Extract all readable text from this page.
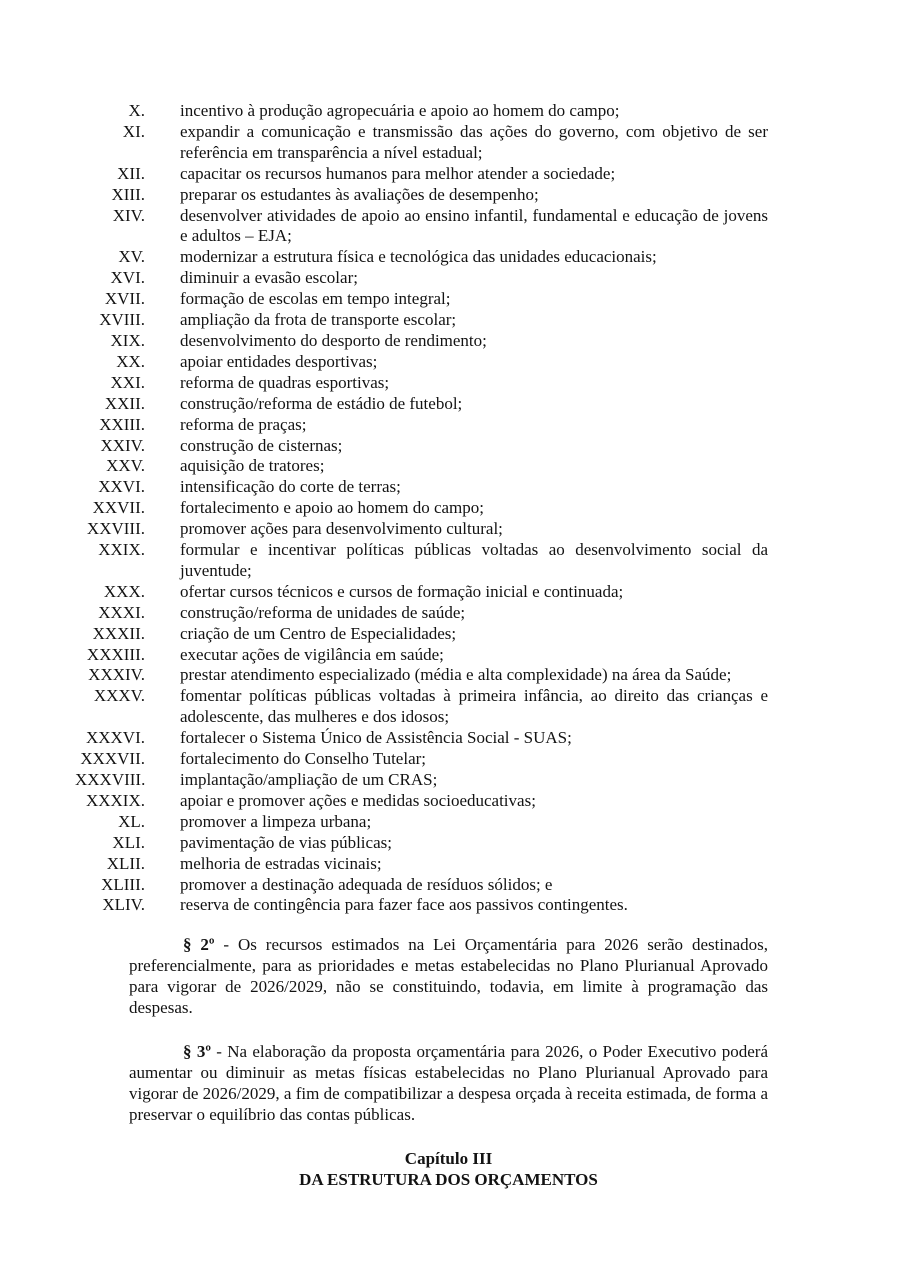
X. incentivo à produção agropecuária e apoio ao homem do campo;
XI. expandir a comunicação e transmissão das ações do governo, com objetivo de ser referência em transparência a nível estadual;
XII. capacitar os recursos humanos para melhor atender a sociedade;
XIII. preparar os estudantes às avaliações de desempenho;
XIV. desenvolver atividades de apoio ao ensino infantil, fundamental e educação de jovens e adultos – EJA;
XV. modernizar a estrutura física e tecnológica das unidades educacionais;
XVI. diminuir a evasão escolar;
XVII. formação de escolas em tempo integral;
XVIII. ampliação da frota de transporte escolar;
XIX. desenvolvimento do desporto de rendimento;
XX. apoiar entidades desportivas;
XXI. reforma de quadras esportivas;
XXII. construção/reforma de estádio de futebol;
XXIII. reforma de praças;
XXIV. construção de cisternas;
XXV. aquisição de tratores;
XXVI. intensificação do corte de terras;
XXVII. fortalecimento e apoio ao homem do campo;
XXVIII. promover ações para desenvolvimento cultural;
XXIX. formular e incentivar políticas públicas voltadas ao desenvolvimento social da juventude;
XXX. ofertar cursos técnicos e cursos de formação inicial e continuada;
XXXI. construção/reforma de unidades de saúde;
XXXII. criação de um Centro de Especialidades;
XXXIII. executar ações de vigilância em saúde;
XXXIV. prestar atendimento especializado (média e alta complexidade) na área da Saúde;
XXXV. fomentar políticas públicas voltadas à primeira infância, ao direito das crianças e adolescente, das mulheres e dos idosos;
XXXVI. fortalecer o Sistema Único de Assistência Social - SUAS;
XXXVII. fortalecimento do Conselho Tutelar;
XXXVIII. implantação/ampliação de um CRAS;
XXXIX. apoiar e promover ações e medidas socioeducativas;
XL. promover a limpeza urbana;
XLI. pavimentação de vias públicas;
XLII. melhoria de estradas vicinais;
XLIII. promover a destinação adequada de resíduos sólidos; e
XLIV. reserva de contingência para fazer face aos passivos contingentes.

§ 2º - Os recursos estimados na Lei Orçamentária para 2026 serão destinados, preferencialmente, para as prioridades e metas estabelecidas no Plano Plurianual Aprovado para vigorar de 2026/2029, não se constituindo, todavia, em limite à programação das despesas.

§ 3º - Na elaboração da proposta orçamentária para 2026, o Poder Executivo poderá aumentar ou diminuir as metas físicas estabelecidas no Plano Plurianual Aprovado para vigorar de 2026/2029, a fim de compatibilizar a despesa orçada à receita estimada, de forma a preservar o equilíbrio das contas públicas.

Capítulo III
DA ESTRUTURA DOS ORÇAMENTOS
